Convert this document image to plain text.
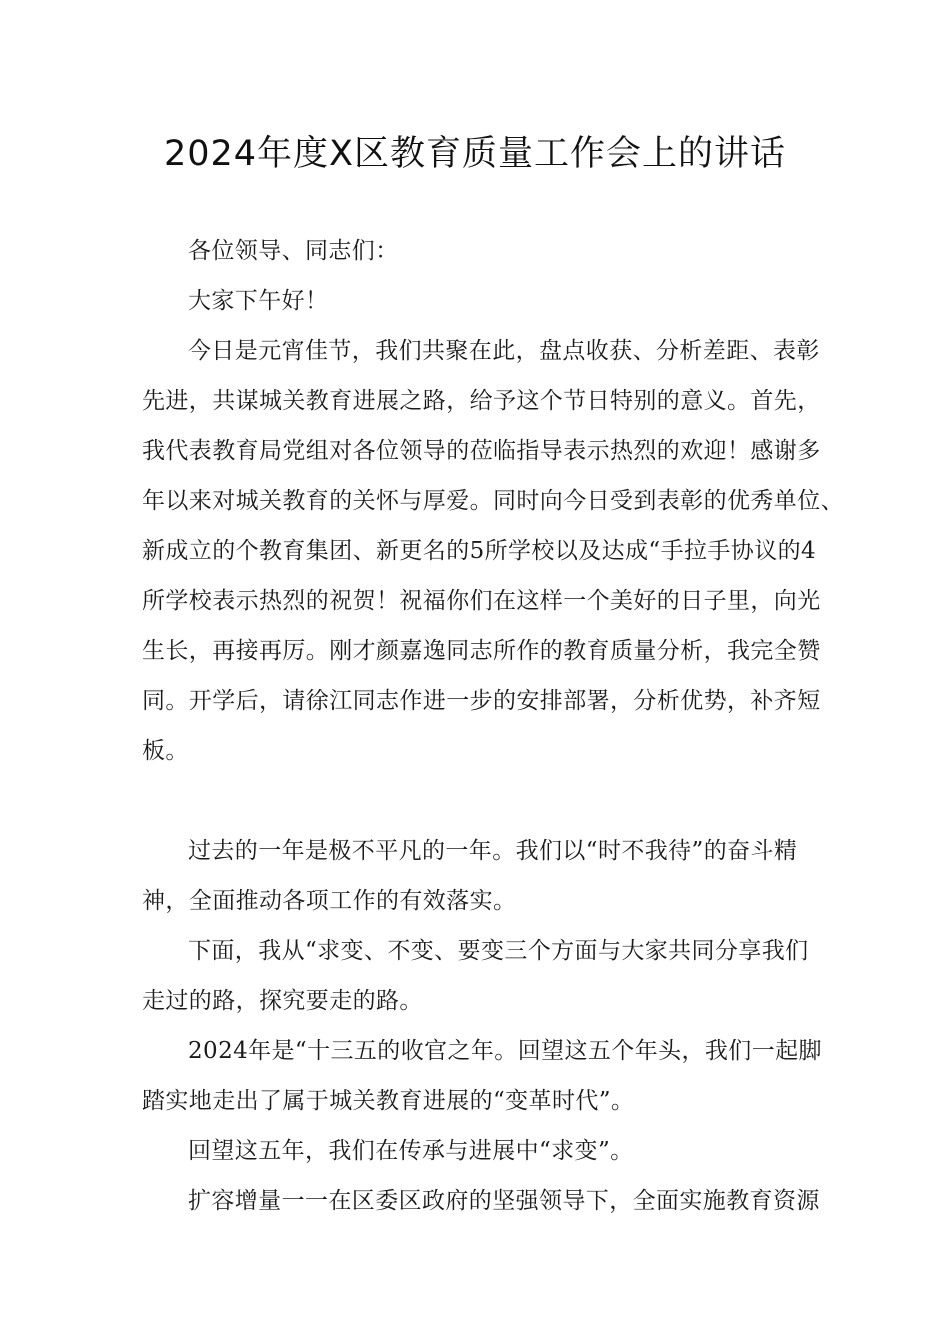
2024年度X区教育质量工作会上的讲话

各位领导、同志们：

大家下午好！

今日是元宵佳节，我们共聚在此，盘点收获、分析差距、表彰
先进，共谋城关教育进展之路，给予这个节日特别的意义。首先，
我代表教育局党组对各位领导的莅临指导表示热烈的欢迎！感谢多
年以来对城关教育的关怀与厚爱。同时向今日受到表彰的优秀单位、
新成立的个教育集团、新更名的5所学校以及达成“手拉手协议的4
所学校表示热烈的祝贺！祝福你们在这样一个美好的日子里，向光
生长，再接再厉。刚才颜嘉逸同志所作的教育质量分析，我完全赞
同。开学后，请徐江同志作进一步的安排部署，分析优势，补齐短
板。

过去的一年是极不平凡的一年。我们以“时不我待”的奋斗精
神，全面推动各项工作的有效落实。

下面，我从“求变、不变、要变三个方面与大家共同分享我们
走过的路，探究要走的路。

2024年是“十三五的收官之年。回望这五个年头，我们一起脚
踏实地走出了属于城关教育进展的“变革时代”。

回望这五年，我们在传承与进展中“求变”。

扩容增量一一在区委区政府的坚强领导下，全面实施教育资源
